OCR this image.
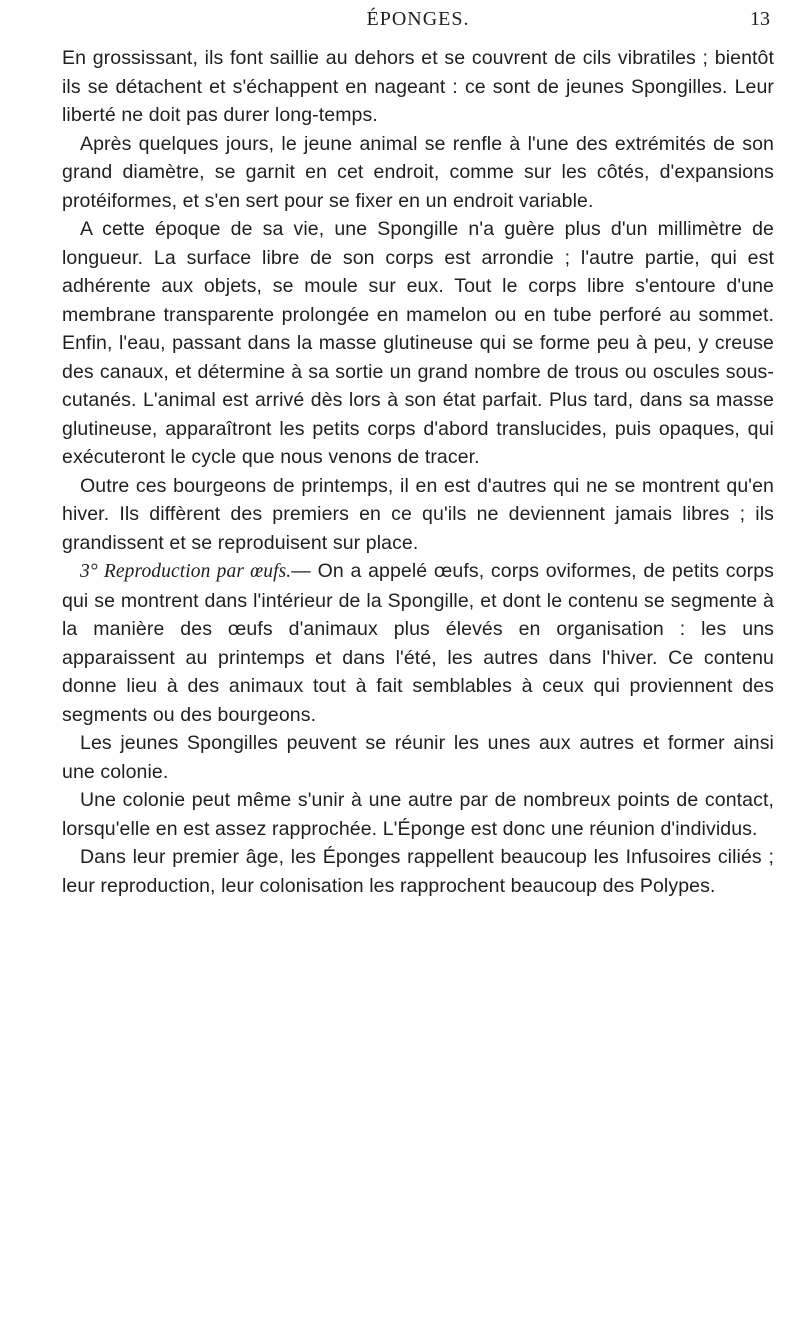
ÉPONGES.	13

En grossissant, ils font saillie au dehors et se couvrent de cils vibratiles ; bientôt ils se détachent et s'échappent en nageant : ce sont de jeunes Spongilles. Leur liberté ne doit pas durer long-temps.

Après quelques jours, le jeune animal se renfle à l'une des extrémités de son grand diamètre, se garnit en cet endroit, comme sur les côtés, d'expansions protéiformes, et s'en sert pour se fixer en un endroit variable.

A cette époque de sa vie, une Spongille n'a guère plus d'un millimètre de longueur. La surface libre de son corps est arrondie ; l'autre partie, qui est adhérente aux objets, se moule sur eux. Tout le corps libre s'entoure d'une membrane transparente prolongée en mamelon ou en tube perforé au sommet. Enfin, l'eau, passant dans la masse glutineuse qui se forme peu à peu, y creuse des canaux, et détermine à sa sortie un grand nombre de trous ou oscules sous-cutanés. L'animal est arrivé dès lors à son état parfait. Plus tard, dans sa masse glutineuse, apparaîtront les petits corps d'abord translucides, puis opaques, qui exécuteront le cycle que nous venons de tracer.

Outre ces bourgeons de printemps, il en est d'autres qui ne se montrent qu'en hiver. Ils diffèrent des premiers en ce qu'ils ne deviennent jamais libres ; ils grandissent et se reproduisent sur place.

3° Reproduction par œufs.— On a appelé œufs, corps oviformes, de petits corps qui se montrent dans l'intérieur de la Spongille, et dont le contenu se segmente à la manière des œufs d'animaux plus élevés en organisation : les uns apparaissent au printemps et dans l'été, les autres dans l'hiver. Ce contenu donne lieu à des animaux tout à fait semblables à ceux qui proviennent des segments ou des bourgeons.

Les jeunes Spongilles peuvent se réunir les unes aux autres et former ainsi une colonie.

Une colonie peut même s'unir à une autre par de nombreux points de contact, lorsqu'elle en est assez rapprochée. L'Éponge est donc une réunion d'individus.

Dans leur premier âge, les Éponges rappellent beaucoup les Infusoires ciliés ; leur reproduction, leur colonisation les rapprochent beaucoup des Polypes.
